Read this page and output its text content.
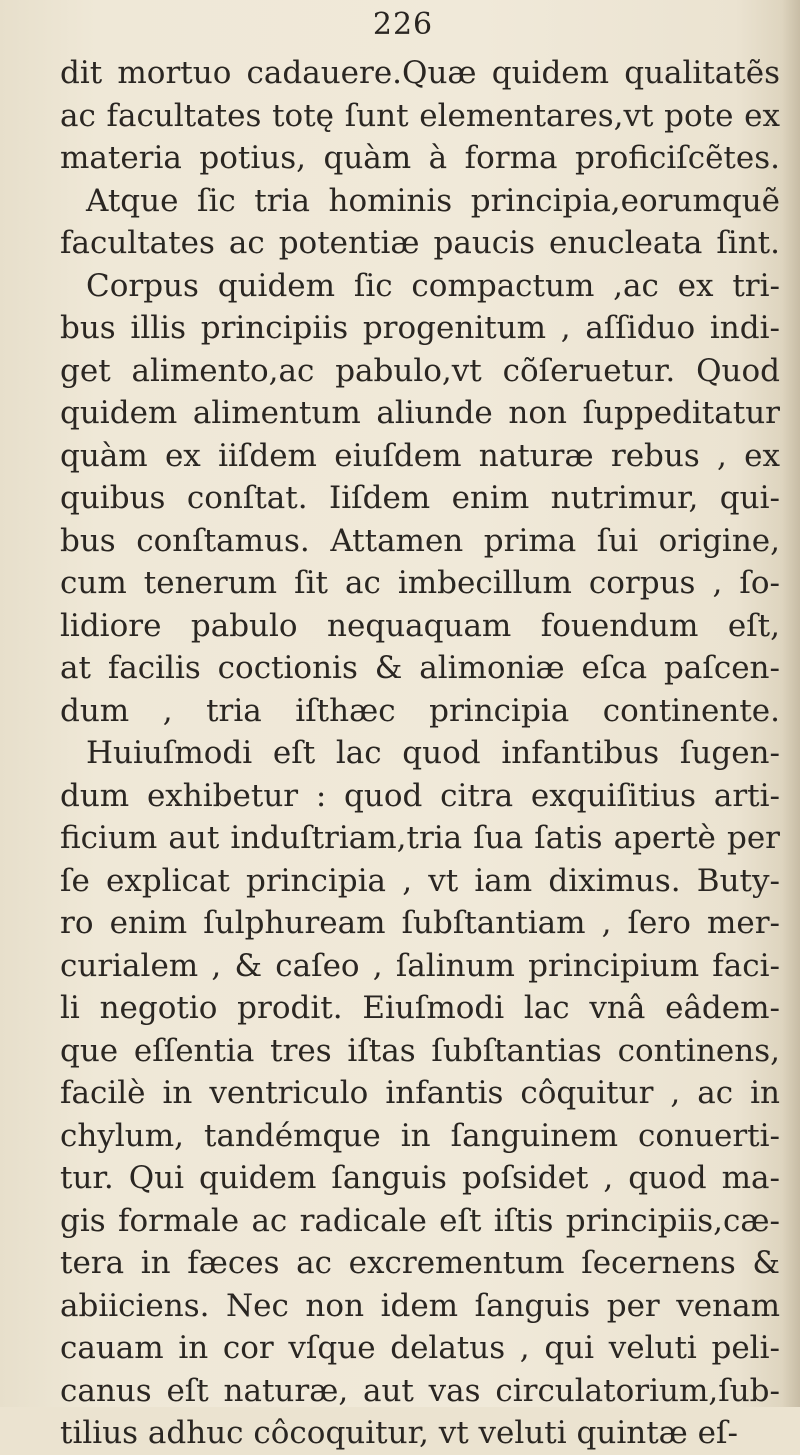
226
dit mortuo cadauere.Quæ quidem qualitatẽs
ac facultates totę ſunt elementares,vt pote ex
materia potius, quàm à forma proficiſcẽtes.
Atque ſic tria hominis principia,eorumquẽ
facultates ac potentiæ paucis enucleata ſint.
Corpus quidem ſic compactum ,ac ex tri-
bus illis principiis progenitum , aſſiduo indi-
get alimento,ac pabulo,vt cõſeruetur. Quod
quidem alimentum aliunde non ſuppeditatur
quàm ex iiſdem eiuſdem naturæ rebus , ex
quibus conſtat. Iiſdem enim nutrimur, qui-
bus conſtamus. Attamen prima ſui origine,
cum tenerum ſit ac imbecillum corpus , ſo-
lidiore pabulo nequaquam fouendum eſt,
at facilis coctionis & alimoniæ eſca paſcen-
dum , tria iſthæc principia continente.
Huiuſmodi eſt lac quod infantibus ſugen-
dum exhibetur : quod citra exquiſitius arti-
ficium aut induſtriam,tria ſua ſatis apertè per
ſe explicat principia , vt iam diximus. Buty-
ro enim ſulphuream ſubſtantiam , ſero mer-
curialem , & caſeo , ſalinum principium faci-
li negotio prodit. Eiuſmodi lac vnâ eâdem-
que eſſentia tres iſtas ſubſtantias continens,
facilè in ventriculo infantis côquitur , ac in
chylum, tandémque in ſanguinem conuerti-
tur. Qui quidem ſanguis poſsidet , quod ma-
gis formale ac radicale eſt iſtis principiis,cæ-
tera in fæces ac excrementum ſecernens &
abiiciens. Nec non idem ſanguis per venam
cauam in cor vſque delatus , qui veluti peli-
canus eſt naturæ, aut vas circulatorium,ſub-
tilius adhuc côcoquitur, vt veluti quintæ eſ-
